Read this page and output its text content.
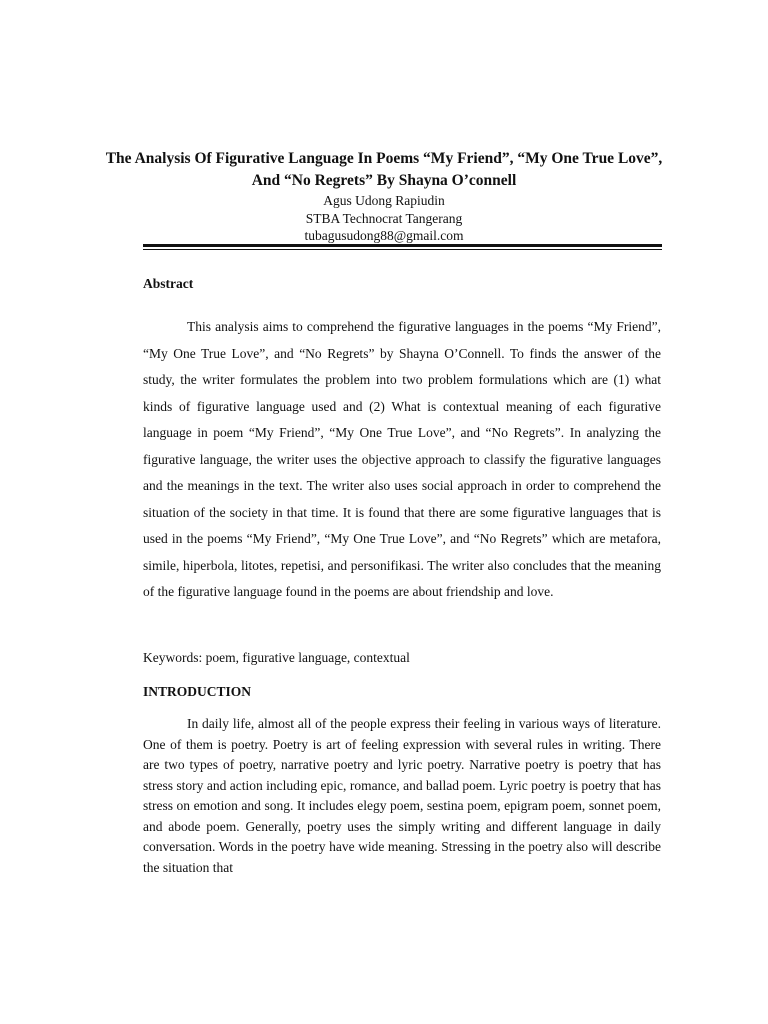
The Analysis Of Figurative Language In Poems “My Friend”, “My One True Love”, And “No Regrets” By Shayna O’connell
Agus Udong Rapiudin
STBA Technocrat Tangerang
tubagusudong88@gmail.com
Abstract

This analysis aims to comprehend the figurative languages in the poems “My Friend”, “My One True Love”, and “No Regrets” by Shayna O’Connell. To finds the answer of the study, the writer formulates the problem into two problem formulations which are (1) what kinds of figurative language used and (2) What is contextual meaning of each figurative language in poem “My Friend”, “My One True Love”, and “No Regrets”. In analyzing the figurative language, the writer uses the objective approach to classify the figurative languages and the meanings in the text. The writer also uses social approach in order to comprehend the situation of the society in that time. It is found that there are some figurative languages that is used in the poems “My Friend”, “My One True Love”, and “No Regrets” which are metafora, simile, hiperbola, litotes, repetisi, and personifikasi. The writer also concludes that the meaning of the figurative language found in the poems are about friendship and love.

Keywords: poem, figurative language, contextual

INTRODUCTION

In daily life, almost all of the people express their feeling in various ways of literature. One of them is poetry. Poetry is art of feeling expression with several rules in writing. There are two types of poetry, narrative poetry and lyric poetry. Narrative poetry is poetry that has stress story and action including epic, romance, and ballad poem. Lyric poetry is poetry that has stress on emotion and song. It includes elegy poem, sestina poem, epigram poem, sonnet poem, and abode poem. Generally, poetry uses the simply writing and different language in daily conversation. Words in the poetry have wide meaning. Stressing in the poetry also will describe the situation that
